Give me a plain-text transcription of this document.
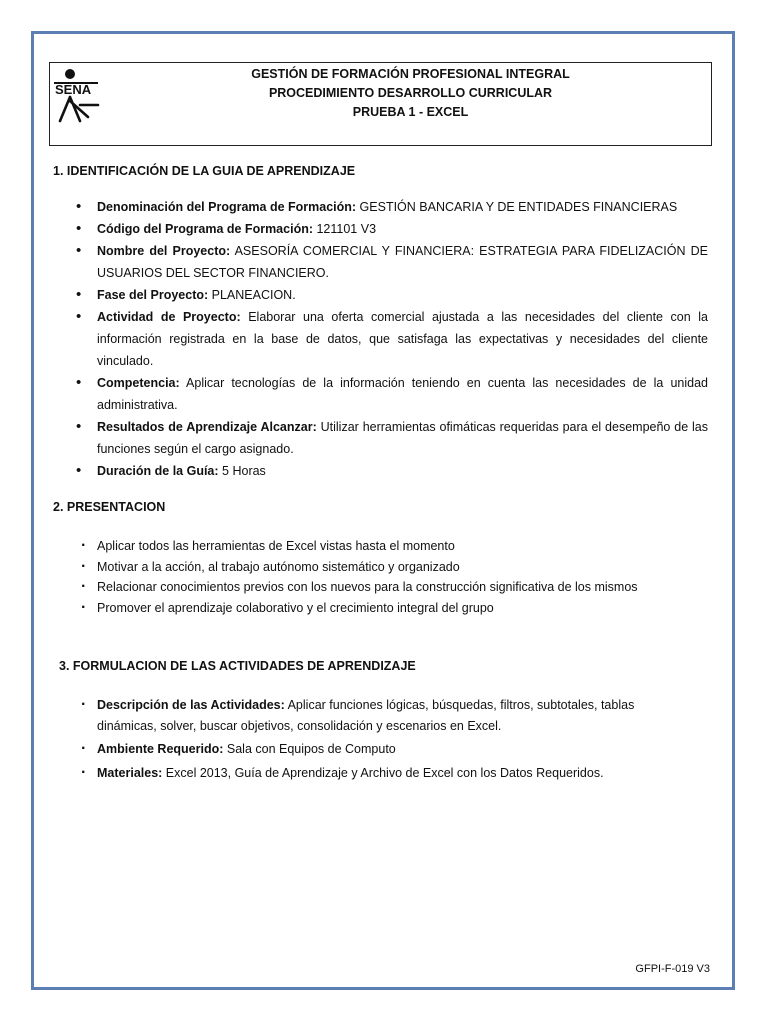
SENA
GESTIÓN DE FORMACIÓN PROFESIONAL INTEGRAL
PROCEDIMIENTO DESARROLLO CURRICULAR
PRUEBA 1 - EXCEL
1. IDENTIFICACIÓN DE LA GUIA DE APRENDIZAJE
• Denominación del Programa de Formación: GESTIÓN BANCARIA Y DE ENTIDADES FINANCIERAS
• Código del Programa de Formación: 121101 V3
• Nombre del Proyecto: ASESORÍA COMERCIAL Y FINANCIERA: ESTRATEGIA PARA FIDELIZACIÓN DE USUARIOS DEL SECTOR FINANCIERO.
• Fase del Proyecto: PLANEACION.
• Actividad de Proyecto: Elaborar una oferta comercial ajustada a las necesidades del cliente con la información registrada en la base de datos, que satisfaga las expectativas y necesidades del cliente vinculado.
• Competencia: Aplicar tecnologías de la información teniendo en cuenta las necesidades de la unidad administrativa.
• Resultados de Aprendizaje Alcanzar: Utilizar herramientas ofimáticas requeridas para el desempeño de las funciones según el cargo asignado.
• Duración de la Guía: 5 Horas
2. PRESENTACION
· Aplicar todos las herramientas de Excel vistas hasta el momento
· Motivar a la acción, al trabajo autónomo sistemático y organizado
· Relacionar conocimientos previos con los nuevos para la construcción significativa de los mismos
· Promover el aprendizaje colaborativo y el crecimiento integral del grupo
3. FORMULACION DE LAS ACTIVIDADES DE APRENDIZAJE
· Descripción de las Actividades: Aplicar funciones lógicas, búsquedas, filtros, subtotales, tablas dinámicas, solver, buscar objetivos, consolidación y escenarios en Excel.
· Ambiente Requerido: Sala con Equipos de Computo
· Materiales: Excel 2013, Guía de Aprendizaje y Archivo de Excel con los Datos Requeridos.
GFPI-F-019 V3
